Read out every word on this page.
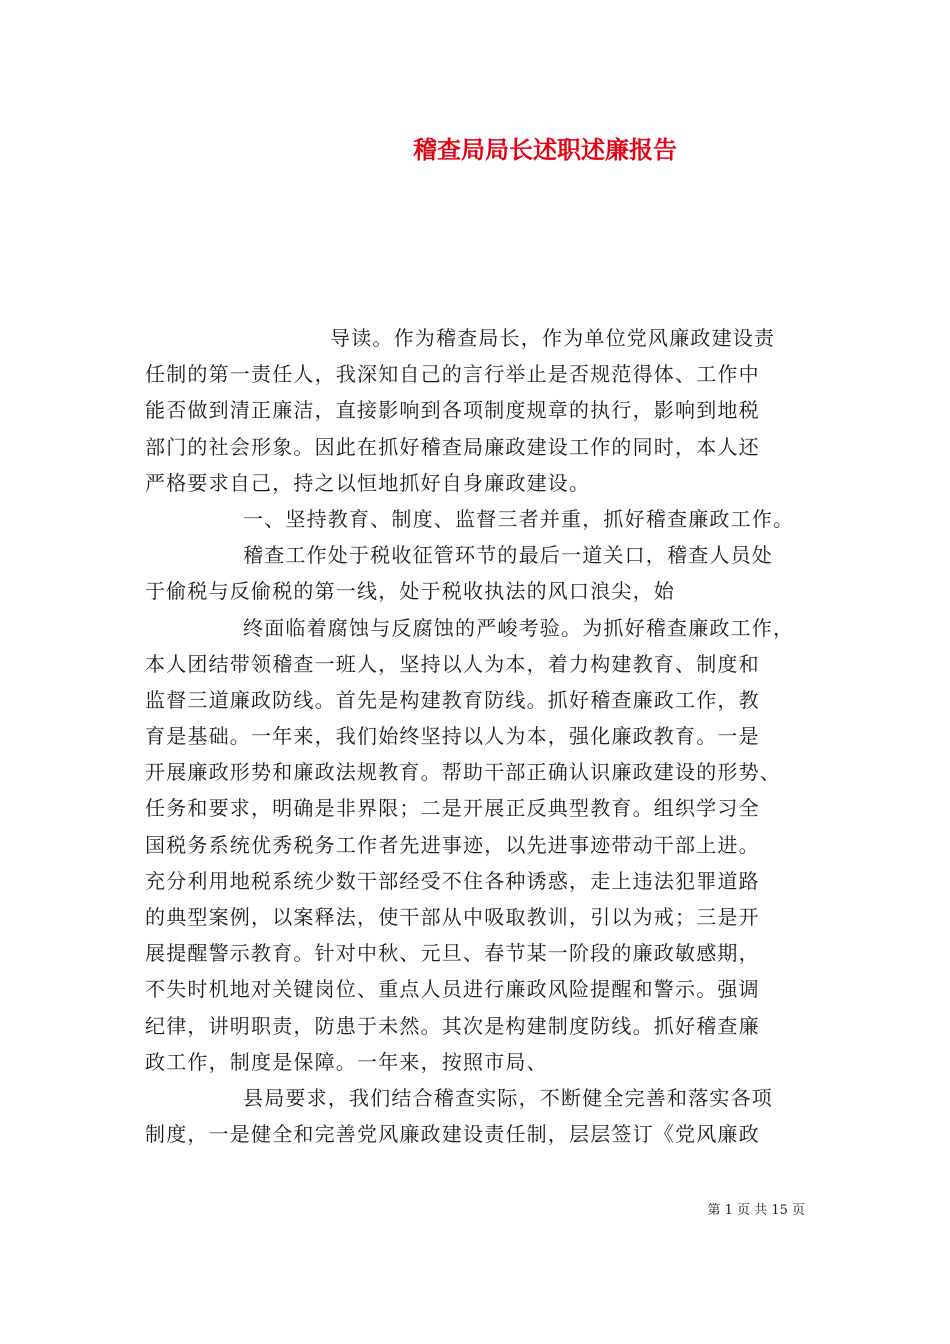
稽查局局长述职述廉报告
导读。作为稽查局长，作为单位党风廉政建设责
任制的第一责任人，我深知自己的言行举止是否规范得体、工作中
能否做到清正廉洁，直接影响到各项制度规章的执行，影响到地税
部门的社会形象。因此在抓好稽查局廉政建设工作的同时，本人还
严格要求自己，持之以恒地抓好自身廉政建设。
一、坚持教育、制度、监督三者并重，抓好稽查廉政工作。
稽查工作处于税收征管环节的最后一道关口，稽查人员处
于偷税与反偷税的第一线，处于税收执法的风口浪尖，始
终面临着腐蚀与反腐蚀的严峻考验。为抓好稽查廉政工作，
本人团结带领稽查一班人，坚持以人为本，着力构建教育、制度和
监督三道廉政防线。首先是构建教育防线。抓好稽查廉政工作，教
育是基础。一年来，我们始终坚持以人为本，强化廉政教育。一是
开展廉政形势和廉政法规教育。帮助干部正确认识廉政建设的形势、
任务和要求，明确是非界限；二是开展正反典型教育。组织学习全
国税务系统优秀税务工作者先进事迹，以先进事迹带动干部上进。
充分利用地税系统少数干部经受不住各种诱惑，走上违法犯罪道路
的典型案例，以案释法，使干部从中吸取教训，引以为戒；三是开
展提醒警示教育。针对中秋、元旦、春节某一阶段的廉政敏感期，
不失时机地对关键岗位、重点人员进行廉政风险提醒和警示。强调
纪律，讲明职责，防患于未然。其次是构建制度防线。抓好稽查廉
政工作，制度是保障。一年来，按照市局、
县局要求，我们结合稽查实际，不断健全完善和落实各项
制度，一是健全和完善党风廉政建设责任制，层层签订《党风廉政
第 1 页 共 15 页
